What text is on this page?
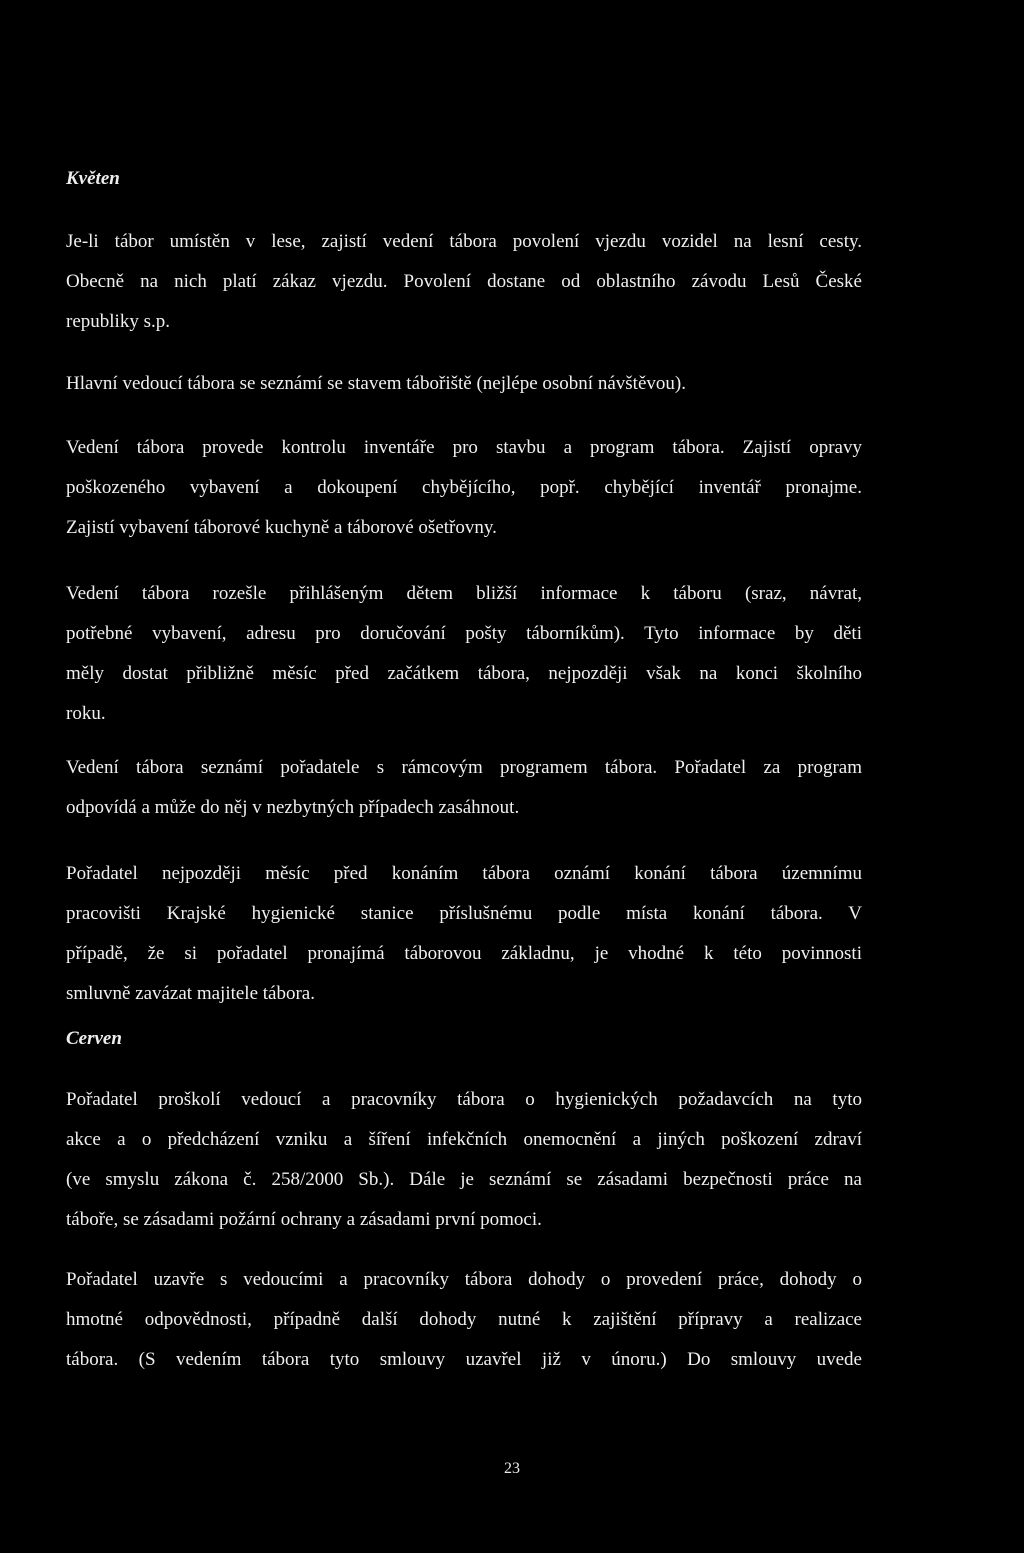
Květen

Je-li tábor umístěn v lese, zajistí vedení tábora povolení vjezdu vozidel na lesní cesty.
Obecně na nich platí zákaz vjezdu. Povolení dostane od oblastního závodu Lesů České
republiky s.p.

Hlavní vedoucí tábora se seznámí se stavem tábořiště (nejlépe osobní návštěvou).

Vedení tábora provede kontrolu inventáře pro stavbu a program tábora. Zajistí opravy
poškozeného vybavení a dokoupení chybějícího, popř. chybějící inventář pronajme.
Zajistí vybavení táborové kuchyně a táborové ošetřovny.

Vedení tábora rozešle přihlášeným dětem bližší informace k táboru (sraz, návrat,
potřebné vybavení, adresu pro doručování pošty táborníkům). Tyto informace by děti
měly dostat přibližně měsíc před začátkem tábora, nejpozději však na konci školního
roku.

Vedení tábora seznámí pořadatele s rámcovým programem tábora. Pořadatel za program
odpovídá a může do něj v nezbytných případech zasáhnout.

Pořadatel nejpozději měsíc před konáním tábora oznámí konání tábora územnímu
pracovišti Krajské hygienické stanice příslušnému podle místa konání tábora. V
případě, že si pořadatel pronajímá táborovou základnu, je vhodné k této povinnosti
smluvně zavázat majitele tábora.

Cerven

Pořadatel proškolí vedoucí a pracovníky tábora o hygienických požadavcích na tyto
akce a o předcházení vzniku a šíření infekčních onemocnění a jiných poškození zdraví
(ve smyslu zákona č. 258/2000 Sb.). Dále je seznámí se zásadami bezpečnosti práce na
táboře, se zásadami požární ochrany a zásadami první pomoci.

Pořadatel uzavře s vedoucími a pracovníky tábora dohody o provedení práce, dohody o
hmotné odpovědnosti, případně další dohody nutné k zajištění přípravy a realizace
tábora. (S vedením tábora tyto smlouvy uzavřel již v únoru.) Do smlouvy uvede

23
